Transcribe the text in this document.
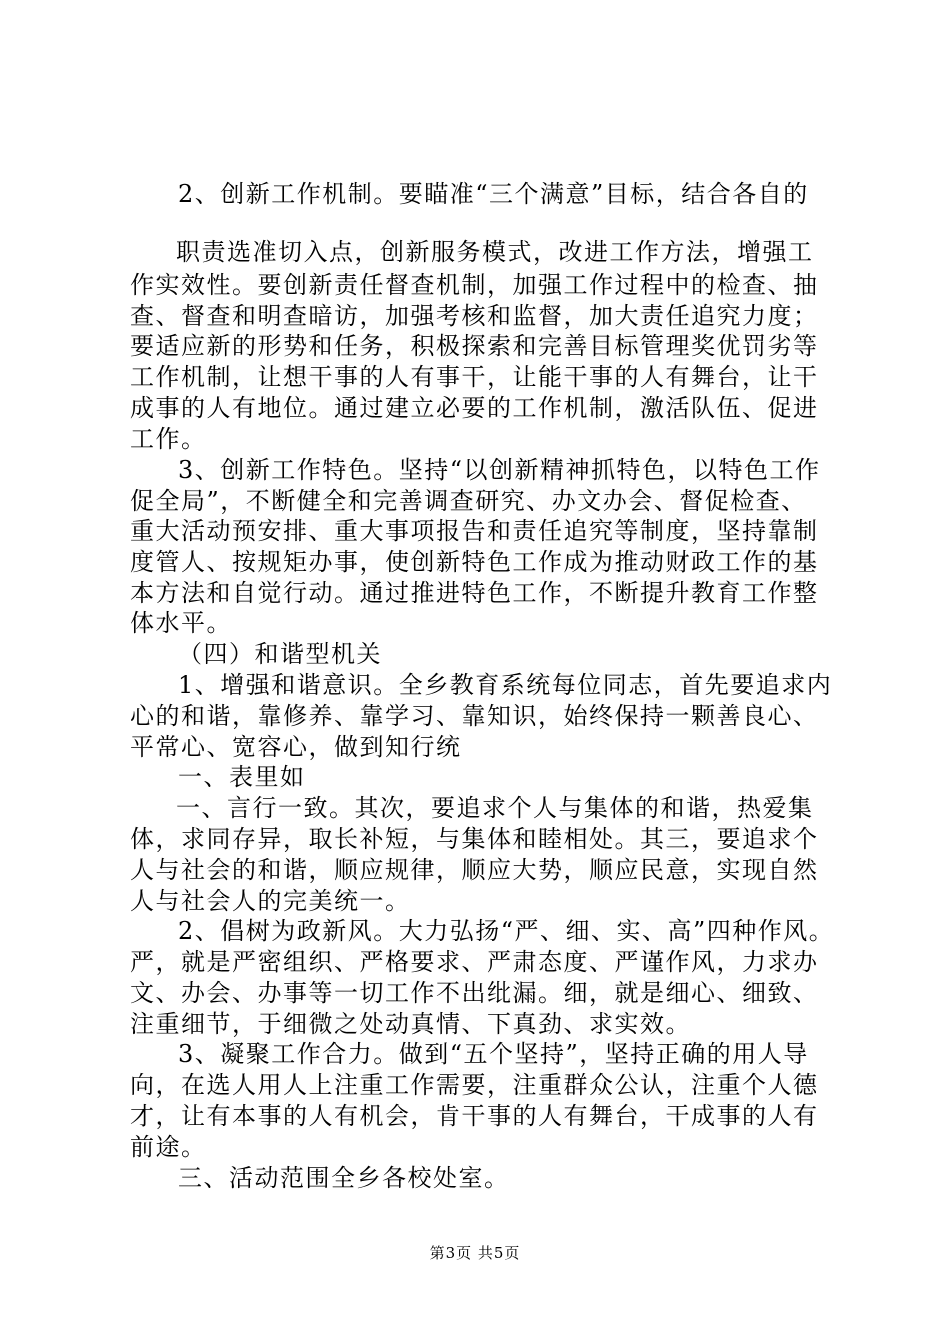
2、创新工作机制。要瞄准“三个满意”目标，结合各自的
职责选准切入点，创新服务模式，改进工作方法，增强工
作实效性。要创新责任督查机制，加强工作过程中的检查、抽
查、督查和明查暗访，加强考核和监督，加大责任追究力度；
要适应新的形势和任务，积极探索和完善目标管理奖优罚劣等
工作机制，让想干事的人有事干，让能干事的人有舞台，让干
成事的人有地位。通过建立必要的工作机制，激活队伍、促进
工作。
3、创新工作特色。坚持“以创新精神抓特色，以特色工作
促全局”，不断健全和完善调查研究、办文办会、督促检查、
重大活动预安排、重大事项报告和责任追究等制度，坚持靠制
度管人、按规矩办事，使创新特色工作成为推动财政工作的基
本方法和自觉行动。通过推进特色工作，不断提升教育工作整
体水平。
（四）和谐型机关
1、增强和谐意识。全乡教育系统每位同志，首先要追求内
心的和谐，靠修养、靠学习、靠知识，始终保持一颗善良心、
平常心、宽容心，做到知行统
一、表里如
一、言行一致。其次，要追求个人与集体的和谐，热爱集
体，求同存异，取长补短，与集体和睦相处。其三，要追求个
人与社会的和谐，顺应规律，顺应大势，顺应民意，实现自然
人与社会人的完美统一。
2、倡树为政新风。大力弘扬“严、细、实、高”四种作风。
严，就是严密组织、严格要求、严肃态度、严谨作风，力求办
文、办会、办事等一切工作不出纰漏。细，就是细心、细致、
注重细节，于细微之处动真情、下真劲、求实效。
3、凝聚工作合力。做到“五个坚持”，坚持正确的用人导
向，在选人用人上注重工作需要，注重群众公认，注重个人德
才，让有本事的人有机会，肯干事的人有舞台，干成事的人有
前途。
三、活动范围全乡各校处室。
第3页 共5页
